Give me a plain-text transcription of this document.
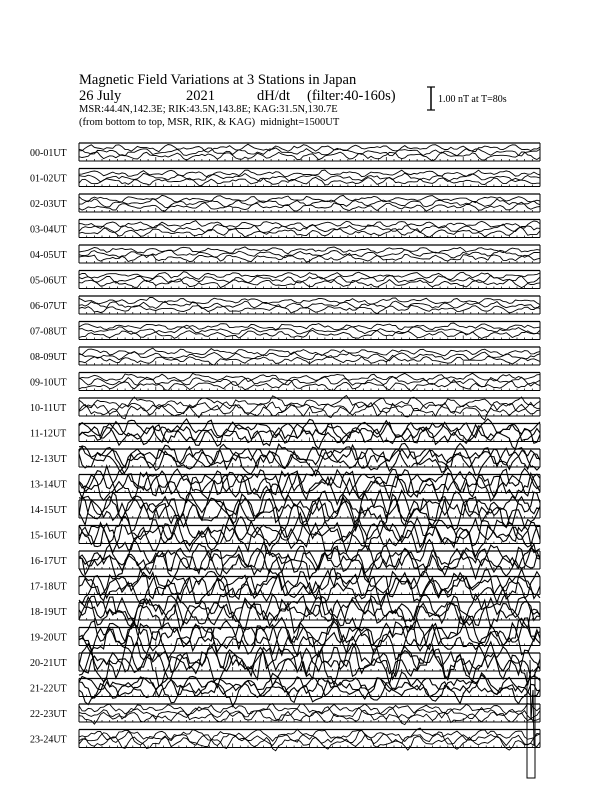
Magnetic Field Variations at 3 Stations in Japan
26 July	2021	dH/dt (filter:40-160s)
MSR:44.4N,142.3E; RIK:43.5N,143.8E; KAG:31.5N,130.7E
(from bottom to top, MSR, RIK, & KAG) midnight=1500UT
1.00 nT at T=80s
00-01UT
01-02UT
02-03UT
03-04UT
04-05UT
05-06UT
06-07UT
07-08UT
08-09UT
09-10UT
10-11UT
11-12UT
12-13UT
13-14UT
14-15UT
15-16UT
16-17UT
17-18UT
18-19UT
19-20UT
20-21UT
21-22UT
22-23UT
23-24UT
